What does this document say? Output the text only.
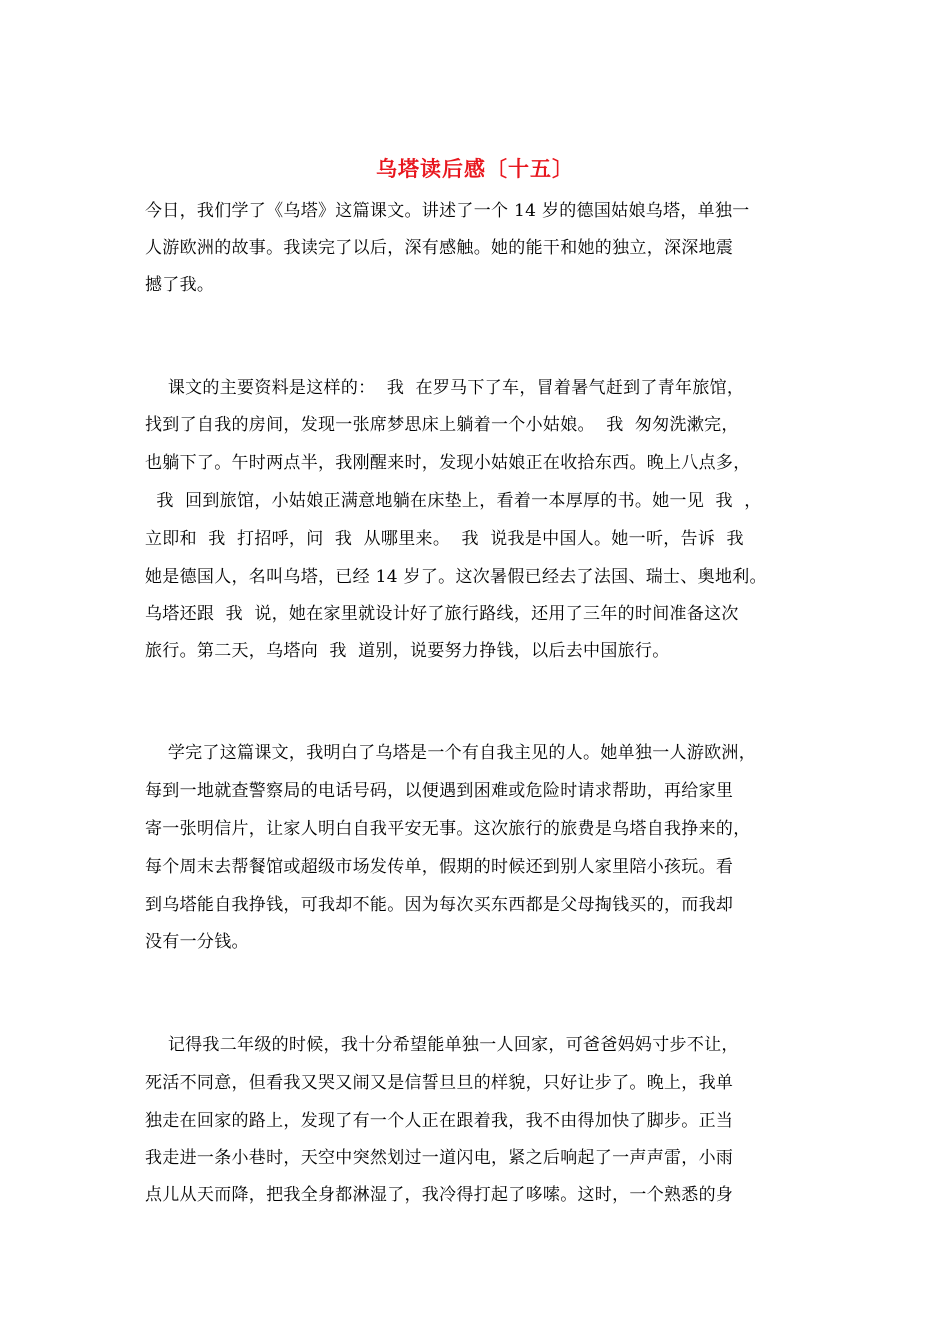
乌塔读后感〔十五〕
今日，我们学了《乌塔》这篇课文。讲述了一个 14 岁的德国姑娘乌塔，单独一
人游欧洲的故事。我读完了以后，深有感触。她的能干和她的独立，深深地震
撼了我。
课文的主要资料是这样的：  我  在罗马下了车，冒着暑气赶到了青年旅馆，
找到了自我的房间，发现一张席梦思床上躺着一个小姑娘。  我  匆匆洗漱完，
也躺下了。午时两点半，我刚醒来时，发现小姑娘正在收拾东西。晚上八点多，
我  回到旅馆，小姑娘正满意地躺在床垫上，看着一本厚厚的书。她一见  我  ，
立即和  我  打招呼，问  我  从哪里来。  我  说我是中国人。她一听，告诉  我
她是德国人，名叫乌塔，已经 14 岁了。这次暑假已经去了法国、瑞士、奥地利。
乌塔还跟  我  说，她在家里就设计好了旅行路线，还用了三年的时间准备这次
旅行。第二天，乌塔向  我  道别，说要努力挣钱，以后去中国旅行。
学完了这篇课文，我明白了乌塔是一个有自我主见的人。她单独一人游欧洲，
每到一地就查警察局的电话号码，以便遇到困难或危险时请求帮助，再给家里
寄一张明信片，让家人明白自我平安无事。这次旅行的旅费是乌塔自我挣来的，
每个周末去帮餐馆或超级市场发传单，假期的时候还到别人家里陪小孩玩。看
到乌塔能自我挣钱，可我却不能。因为每次买东西都是父母掏钱买的，而我却
没有一分钱。
记得我二年级的时候，我十分希望能单独一人回家，可爸爸妈妈寸步不让，
死活不同意，但看我又哭又闹又是信誓旦旦的样貌，只好让步了。晚上，我单
独走在回家的路上，发现了有一个人正在跟着我，我不由得加快了脚步。正当
我走进一条小巷时，天空中突然划过一道闪电，紧之后响起了一声声雷，小雨
点儿从天而降，把我全身都淋湿了，我冷得打起了哆嗦。这时，一个熟悉的身
